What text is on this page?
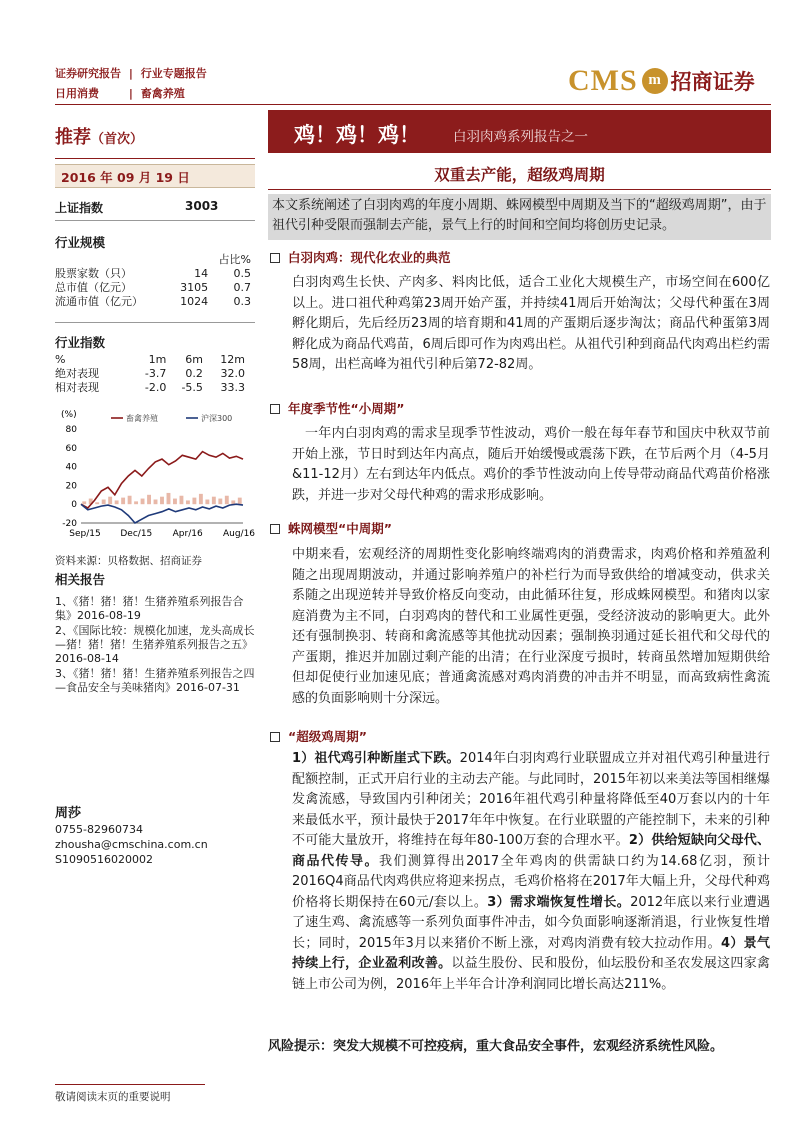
证券研究报告 | 行业专题报告
日用消费	| 畜禽养殖	CMS m 招商证券
推荐（首次）	鸡！鸡！鸡！ 白羽肉鸡系列报告之一
2016 年 09 月 19 日	双重去产能，超级鸡周期
本文系统阐述了白羽肉鸡的年度小周期、蛛网模型中周期及当下的“超级鸡周期”，由于祖代引种受限而强制去产能，景气上行的时间和空间均将创历史记录。
上证指数	3003
行业规模
		占比%
股票家数（只）	14	0.5
总市值（亿元）	3105	0.7
流通市值（亿元）	1024	0.3
行业指数
%	1m	6m	12m
绝对表现	-3.7	0.2	32.0
相对表现	-2.0	-5.5	33.3
(%)
80
60
40
20
0
-20
Sep/15 Dec/15 Apr/16 Aug/16
畜禽养殖	沪深300
资料来源：贝格数据、招商证券
相关报告
1、《猪！猪！猪！生猪养殖系列报告合集》2016-08-19
2、《国际比较：规模化加速，龙头高成长—猪！猪！猪！生猪养殖系列报告之五》2016-08-14
3、《猪！猪！猪！生猪养殖系列报告之四—食品安全与美味猪肉》2016-07-31
周莎
0755-82960734
zhousha@cmschina.com.cn
S1090516020002
白羽肉鸡：现代化农业的典范

白羽肉鸡生长快、产肉多、料肉比低，适合工业化大规模生产，市场空间在600亿以上。进口祖代种鸡第23周开始产蛋，并持续41周后开始淘汰；父母代种蛋在3周孵化期后，先后经历23周的培育期和41周的产蛋期后逐步淘汰；商品代种蛋第3周孵化成为商品代鸡苗，6周后即可作为肉鸡出栏。从祖代引种到商品代肉鸡出栏约需58周，出栏高峰为祖代引种后第72-82周。

年度季节性“小周期”

一年内白羽肉鸡的需求呈现季节性波动，鸡价一般在每年春节和国庆中秋双节前开始上涨，节日时到达年内高点，随后开始缓慢或震荡下跌，在节后两个月（4-5月&11-12月）左右到达年内低点。鸡价的季节性波动向上传导带动商品代鸡苗价格涨跌，并进一步对父母代种鸡的需求形成影响。

蛛网模型“中周期”

中期来看，宏观经济的周期性变化影响终端鸡肉的消费需求，肉鸡价格和养殖盈利随之出现周期波动，并通过影响养殖户的补栏行为而导致供给的增减变动，供求关系随之出现逆转并导致价格反向变动，由此循环往复，形成蛛网模型。和猪肉以家庭消费为主不同，白羽鸡肉的替代和工业属性更强，受经济波动的影响更大。此外还有强制换羽、转商和禽流感等其他扰动因素；强制换羽通过延长祖代和父母代的产蛋期，推迟并加剧过剩产能的出清；在行业深度亏损时，转商虽然增加短期供给但却促使行业加速见底；普通禽流感对鸡肉消费的冲击并不明显，而高致病性禽流感的负面影响则十分深远。

“超级鸡周期”

1）祖代鸡引种断崖式下跌。2014年白羽肉鸡行业联盟成立并对祖代鸡引种量进行配额控制，正式开启行业的主动去产能。与此同时，2015年初以来美法等国相继爆发禽流感，导致国内引种闭关；2016年祖代鸡引种量将降低至40万套以内的十年来最低水平，预计最快于2017年年中恢复。在行业联盟的产能控制下，未来的引种不可能大量放开，将维持在每年80-100万套的合理水平。2）供给短缺向父母代、商品代传导。我们测算得出2017全年鸡肉的供需缺口约为14.68亿羽，预计2016Q4商品代肉鸡供应将迎来拐点，毛鸡价格将在2017年大幅上升，父母代种鸡价格将长期保持在60元/套以上。3）需求端恢复性增长。2012年底以来行业遭遇了速生鸡、禽流感等一系列负面事件冲击，如今负面影响逐渐消退，行业恢复性增长；同时，2015年3月以来猪价不断上涨，对鸡肉消费有较大拉动作用。4）景气持续上行，企业盈利改善。以益生股份、民和股份，仙坛股份和圣农发展这四家禽链上市公司为例，2016年上半年合计净利润同比增长高达211%。

风险提示：突发大规模不可控疫病，重大食品安全事件，宏观经济系统性风险。
敬请阅读末页的重要说明
